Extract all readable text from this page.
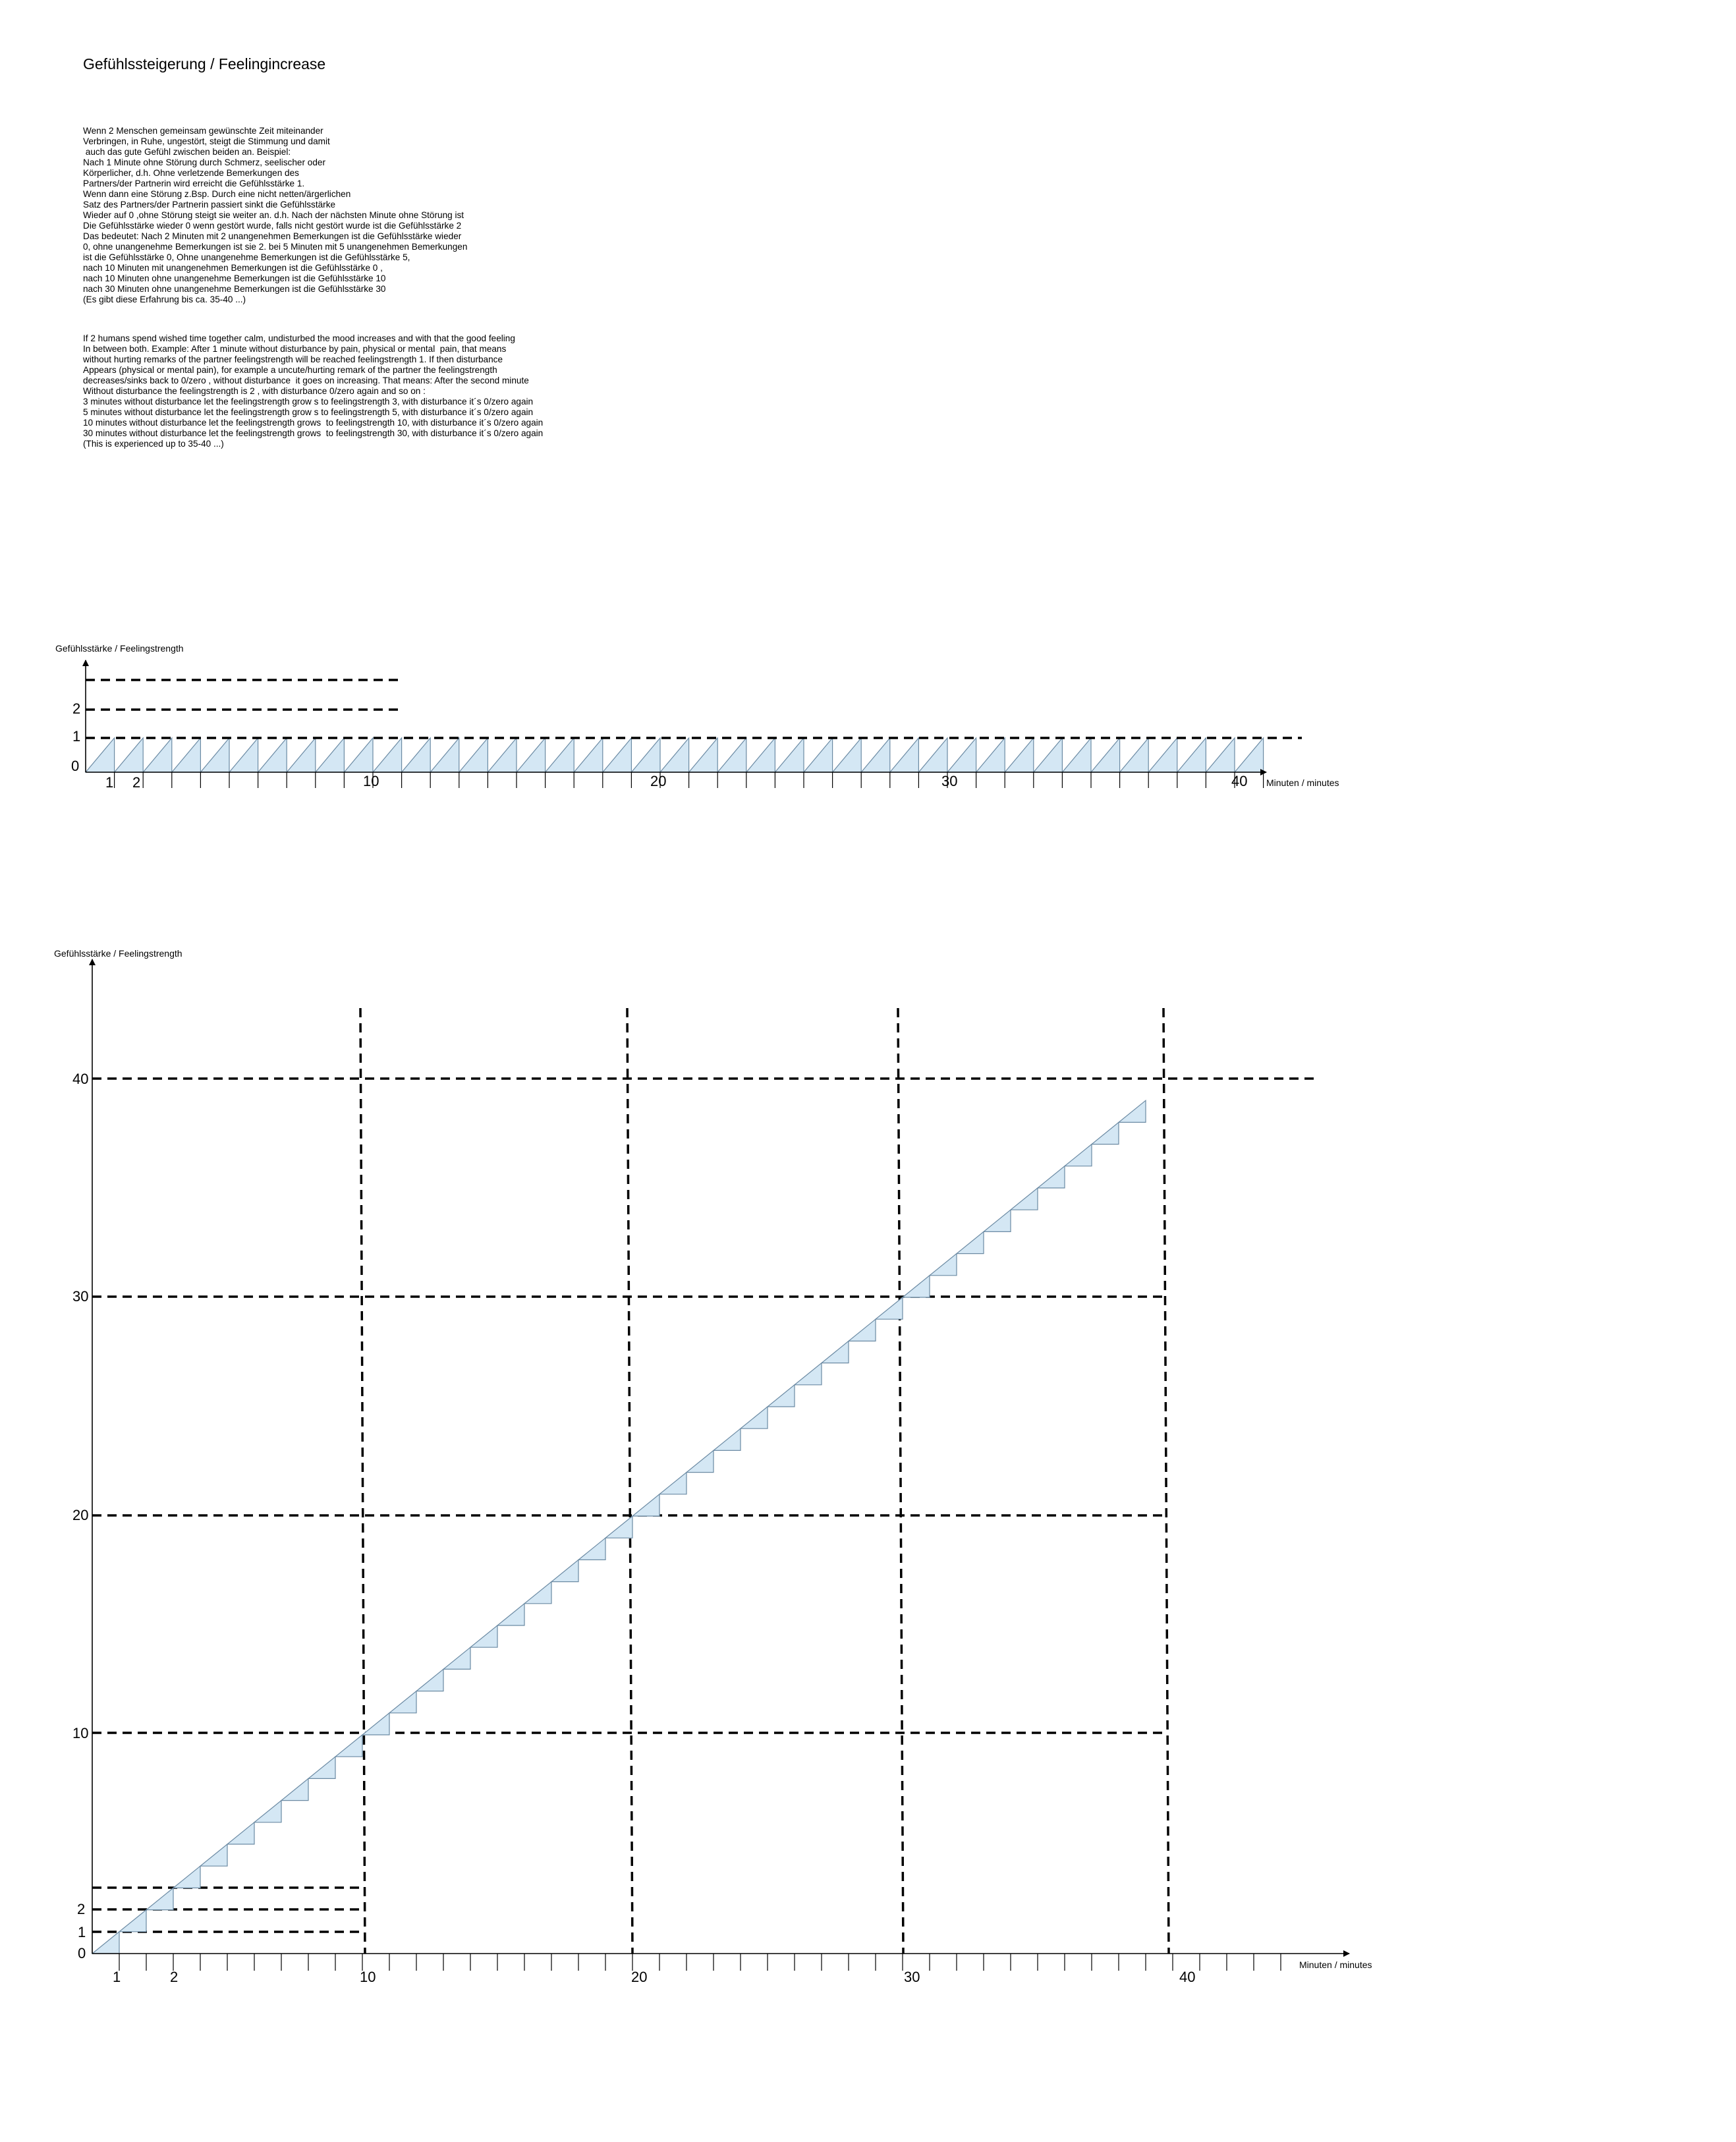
Gefühlssteigerung / Feelingincrease
Wenn 2 Menschen gemeinsam gewünschte Zeit miteinander
Verbringen, in Ruhe, ungestört, steigt die Stimmung und damit
auch das gute Gefühl zwischen beiden an. Beispiel:
Nach 1 Minute ohne Störung durch Schmerz, seelischer oder
Körperlicher, d.h. Ohne verletzende Bemerkungen des
Partners/der Partnerin wird erreicht die Gefühlsstärke 1.
Wenn dann eine Störung z.Bsp. Durch eine nicht netten/ärgerlichen
Satz des Partners/der Partnerin passiert sinkt die Gefühlsstärke
Wieder auf 0 ,ohne Störung steigt sie weiter an. d.h. Nach der nächsten Minute ohne Störung ist
Die Gefühlsstärke wieder 0 wenn gestört wurde, falls nicht gestört wurde ist die Gefühlsstärke 2
Das bedeutet: Nach 2 Minuten mit 2 unangenehmen Bemerkungen ist die Gefühlsstärke wieder
0, ohne unangenehme Bemerkungen ist sie 2. bei 5 Minuten mit 5 unangenehmen Bemerkungen
ist die Gefühlsstärke 0, Ohne unangenehme Bemerkungen ist die Gefühlsstärke 5,
nach 10 Minuten mit unangenehmen Bemerkungen ist die Gefühlsstärke 0 ,
nach 10 Minuten ohne unangenehme Bemerkungen ist die Gefühlsstärke 10
nach 30 Minuten ohne unangenehme Bemerkungen ist die Gefühlsstärke 30
(Es gibt diese Erfahrung bis ca. 35-40 ...)
If 2 humans spend wished time together calm, undisturbed the mood increases and with that the good feeling
In between both. Example: After 1 minute without disturbance by pain, physical or mental  pain, that means
without hurting remarks of the partner feelingstrength will be reached feelingstrength 1. If then disturbance
Appears (physical or mental pain), for example a uncute/hurting remark of the partner the feelingstrength
decreases/sinks back to 0/zero , without disturbance  it goes on increasing. That means: After the second minute
Without disturbance the feelingstrength is 2 , with disturbance 0/zero again and so on :
3 minutes without disturbance let the feelingstrength grow s to feelingstrength 3, with disturbance it´s 0/zero again
5 minutes without disturbance let the feelingstrength grow s to feelingstrength 5, with disturbance it´s 0/zero again
10 minutes without disturbance let the feelingstrength grows  to feelingstrength 10, with disturbance it´s 0/zero again
30 minutes without disturbance let the feelingstrength grows  to feelingstrength 30, with disturbance it´s 0/zero again
(This is experienced up to 35-40 ...)
Gefühlsstärke / Feelingstrength
Minuten / minutes
0
1
2
1 2	10	20	30	40
Gefühlsstärke / Feelingstrength
Minuten / minutes
0
1
2
10
20
30
40
1	2	10	20	30	40
